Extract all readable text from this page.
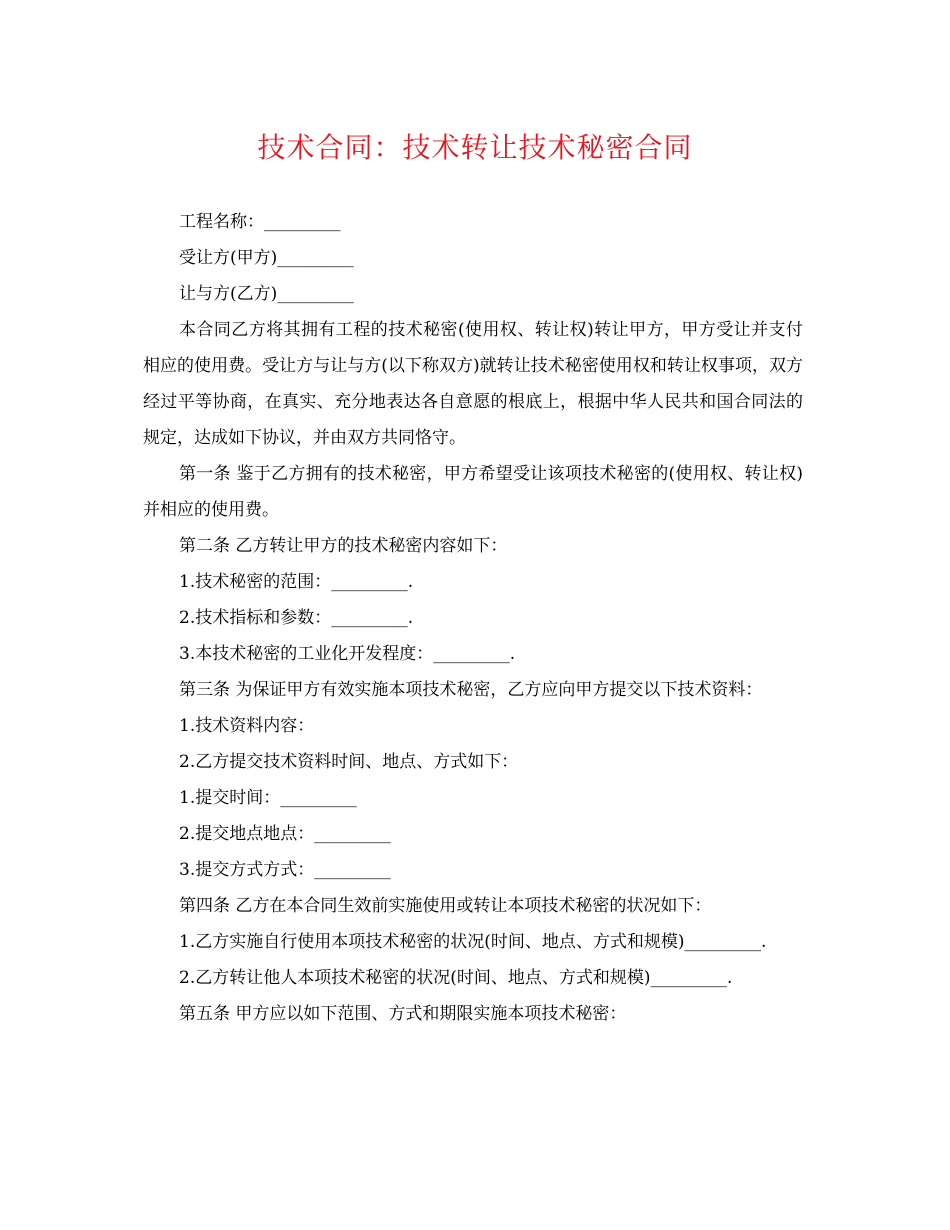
技术合同：技术转让技术秘密合同

工程名称：_________

受让方(甲方)_________

让与方(乙方)_________

本合同乙方将其拥有工程的技术秘密(使用权、转让权)转让甲方，甲方受让并支付相应的使用费。受让方与让与方(以下称双方)就转让技术秘密使用权和转让权事项，双方经过平等协商，在真实、充分地表达各自意愿的根底上，根据中华人民共和国合同法的规定，达成如下协议，并由双方共同恪守。

第一条 鉴于乙方拥有的技术秘密，甲方希望受让该项技术秘密的(使用权、转让权)并相应的使用费。

第二条 乙方转让甲方的技术秘密内容如下：

1.技术秘密的范围：_________.

2.技术指标和参数：_________.

3.本技术秘密的工业化开发程度：_________.

第三条 为保证甲方有效实施本项技术秘密，乙方应向甲方提交以下技术资料：

1.技术资料内容：

2.乙方提交技术资料时间、地点、方式如下：

1.提交时间：_________

2.提交地点地点：_________

3.提交方式方式：_________

第四条 乙方在本合同生效前实施使用或转让本项技术秘密的状况如下：

1.乙方实施自行使用本项技术秘密的状况(时间、地点、方式和规模)_________.

2.乙方转让他人本项技术秘密的状况(时间、地点、方式和规模)_________.

第五条 甲方应以如下范围、方式和期限实施本项技术秘密：
